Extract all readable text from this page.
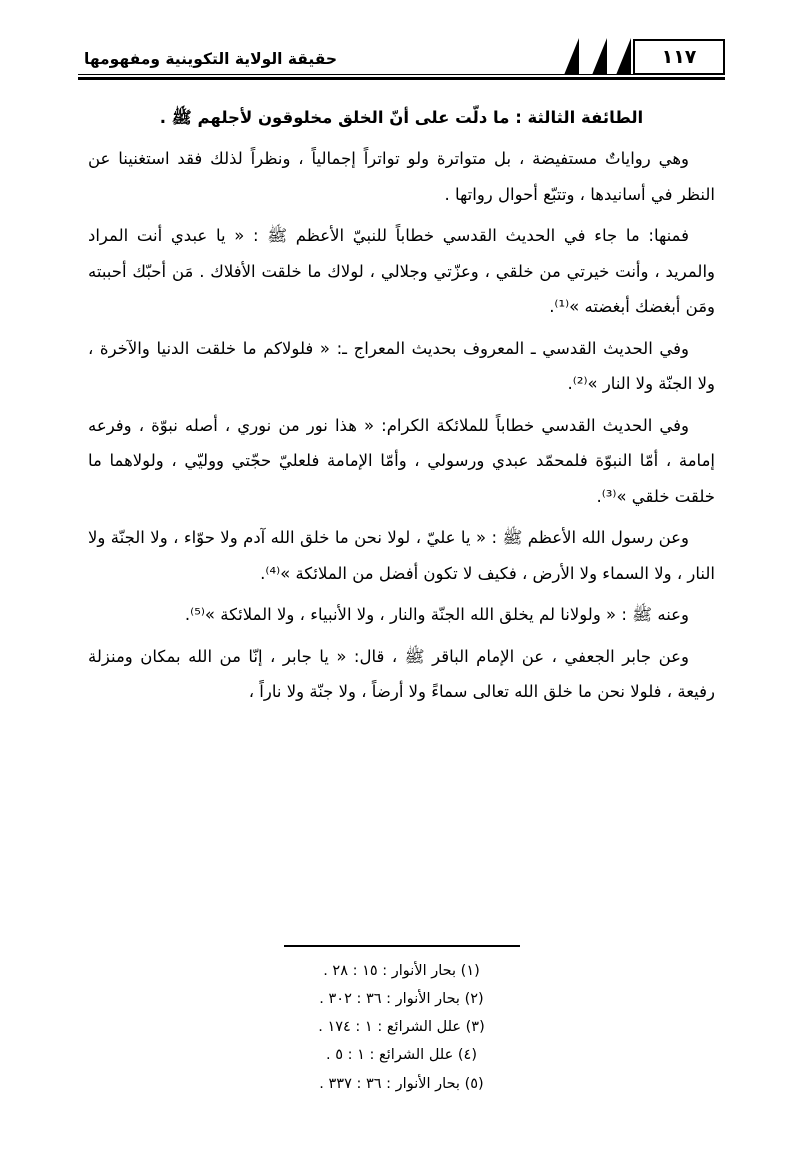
حقيقة الولاية التكوينية ومفهومها	١١٧

الطائفة الثالثة : ما دلّت على أنّ الخلق مخلوقون لأجلهم ﷺ .

وهي رواياتٌ مستفيضة ، بل متواترة ولو تواتراً إجمالياً ، ونظراً لذلك فقد استغنينا عن النظر في أسانيدها ، وتتبّع أحوال رواتها .

فمنها: ما جاء في الحديث القدسي خطاباً للنبيّ الأعظم ﷺ : « يا عبدي أنت المراد والمريد ، وأنت خيرتي من خلقي ، وعزّتي وجلالي ، لولاك ما خلقت الأفلاك . مَن أحبّك أحببته ومَن أبغضك أبغضته »⁽¹⁾.

وفي الحديث القدسي ـ المعروف بحديث المعراج ـ: « فلولاكم ما خلقت الدنيا والآخرة ، ولا الجنّة ولا النار »⁽²⁾.

وفي الحديث القدسي خطاباً للملائكة الكرام: « هذا نور من نوري ، أصله نبوّة ، وفرعه إمامة ، أمّا النبوّة فلمحمّد عبدي ورسولي ، وأمّا الإمامة فلعليّ حجّتي ووليّي ، ولولاهما ما خلقت خلقي »⁽³⁾.

وعن رسول الله الأعظم ﷺ : « يا عليّ ، لولا نحن ما خلق الله آدم ولا حوّاء ، ولا الجنّة ولا النار ، ولا السماء ولا الأرض ، فكيف لا تكون أفضل من الملائكة »⁽⁴⁾.

وعنه ﷺ : « ولولانا لم يخلق الله الجنّة والنار ، ولا الأنبياء ، ولا الملائكة »⁽⁵⁾.

وعن جابر الجعفي ، عن الإمام الباقر ﷺ ، قال: « يا جابر ، إنّا من الله بمكان ومنزلة رفيعة ، فلولا نحن ما خلق الله تعالى سماءً ولا أرضاً ، ولا جنّة ولا ناراً ،

(١) بحار الأنوار : ١٥ : ٢٨ .
(٢) بحار الأنوار : ٣٦ : ٣٠٢ .
(٣) علل الشرائع : ١ : ١٧٤ .
(٤) علل الشرائع : ١ : ٥ .
(٥) بحار الأنوار : ٣٦ : ٣٣٧ .
